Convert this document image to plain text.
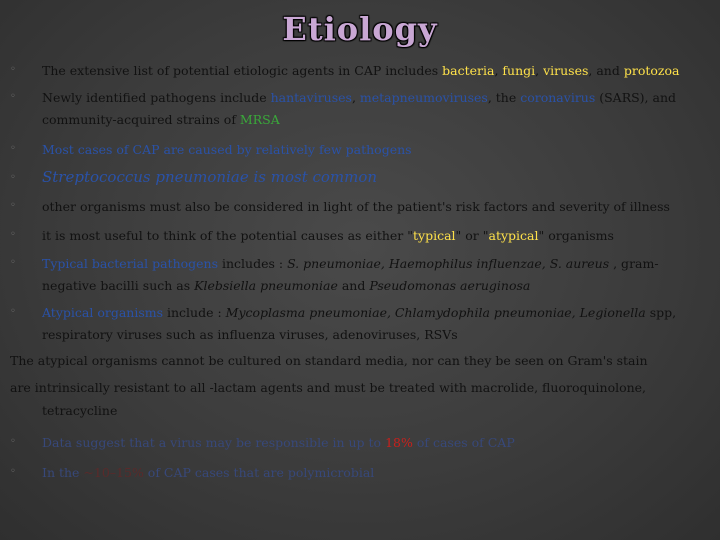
Etiology
◦	The extensive list of potential etiologic agents in CAP includes bacteria, fungi, viruses, and protozoa
◦	Newly identified pathogens include hantaviruses, metapneumoviruses, the coronavirus (SARS), and
community-acquired strains of MRSA
◦	Most cases of CAP are caused by relatively few pathogens
◦	Streptococcus pneumoniae is most common
◦	other organisms must also be considered in light of the patient's risk factors and severity of illness
◦	it is most useful to think of the potential causes as either "typical" or "atypical" organisms
◦	Typical bacterial pathogens includes : S. pneumoniae, Haemophilus influenzae, S. aureus , gram-
negative bacilli such as Klebsiella pneumoniae and Pseudomonas aeruginosa
◦	Atypical organisms include : Mycoplasma pneumoniae, Chlamydophila pneumoniae, Legionella spp,
respiratory viruses such as influenza viruses, adenoviruses, RSVs
The atypical organisms cannot be cultured on standard media, nor can they be seen on Gram's stain
are intrinsically resistant to all -lactam agents and must be treated with macrolide, fluoroquinolone,
tetracycline
◦	Data suggest that a virus may be responsible in up to 18% of cases of CAP
◦	In the ~10–15% of CAP cases that are polymicrobial
